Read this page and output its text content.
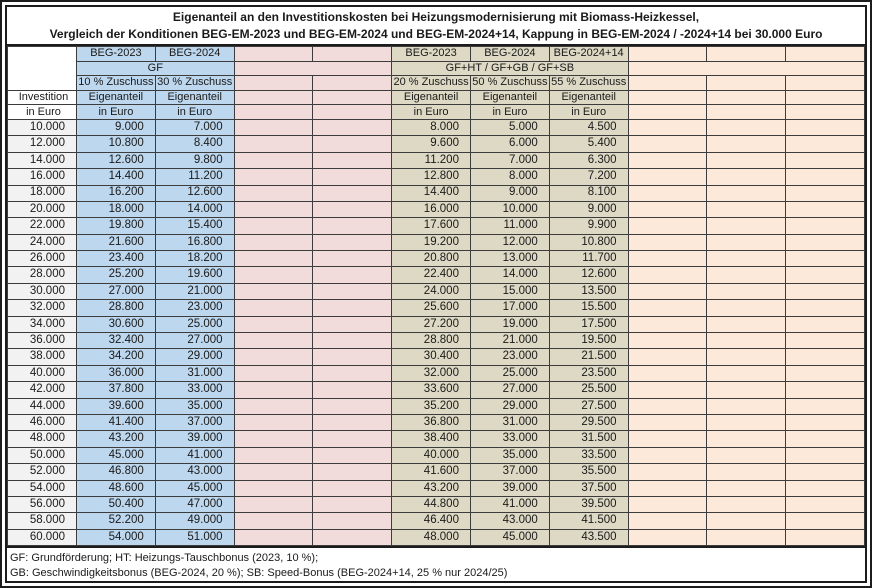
Eigenanteil an den Investitionskosten bei Heizungsmodernisierung mit Biomass-Heizkessel,
Vergleich der Konditionen BEG-EM-2023 und BEG-EM-2024 und BEG-EM-2024+14, Kappung in BEG-EM-2024 / -2024+14 bei 30.000 Euro
	BEG-2023	BEG-2024			BEG-2023	BEG-2024	BEG-2024+14			
	GF				GF+HT / GF+GB / GF+SB					
	10 % Zuschuss	30 % Zuschuss			20 % Zuschuss	50 % Zuschuss	55 % Zuschuss			
Investition	Eigenanteil	Eigenanteil			Eigenanteil	Eigenanteil	Eigenanteil			
in Euro	in Euro	in Euro			in Euro	in Euro	in Euro			
10.000	9.000	7.000			8.000	5.000	4.500			
12.000	10.800	8.400			9.600	6.000	5.400			
14.000	12.600	9.800			11.200	7.000	6.300			
16.000	14.400	11.200			12.800	8.000	7.200			
18.000	16.200	12.600			14.400	9.000	8.100			
20.000	18.000	14.000			16.000	10.000	9.000			
22.000	19.800	15.400			17.600	11.000	9.900			
24.000	21.600	16.800			19.200	12.000	10.800			
26.000	23.400	18.200			20.800	13.000	11.700			
28.000	25.200	19.600			22.400	14.000	12.600			
30.000	27.000	21.000			24.000	15.000	13.500			
32.000	28.800	23.000			25.600	17.000	15.500			
34.000	30.600	25.000			27.200	19.000	17.500			
36.000	32.400	27.000			28.800	21.000	19.500			
38.000	34.200	29.000			30.400	23.000	21.500			
40.000	36.000	31.000			32.000	25.000	23.500			
42.000	37.800	33.000			33.600	27.000	25.500			
44.000	39.600	35.000			35.200	29.000	27.500			
46.000	41.400	37.000			36.800	31.000	29.500			
48.000	43.200	39.000			38.400	33.000	31.500			
50.000	45.000	41.000			40.000	35.000	33.500			
52.000	46.800	43.000			41.600	37.000	35.500			
54.000	48.600	45.000			43.200	39.000	37.500			
56.000	50.400	47.000			44.800	41.000	39.500			
58.000	52.200	49.000			46.400	43.000	41.500			
60.000	54.000	51.000			48.000	45.000	43.500			
GF: Grundförderung; HT: Heizungs-Tauschbonus (2023, 10 %);
GB: Geschwindigkeitsbonus (BEG-2024, 20 %); SB: Speed-Bonus (BEG-2024+14, 25 % nur 2024/25)
